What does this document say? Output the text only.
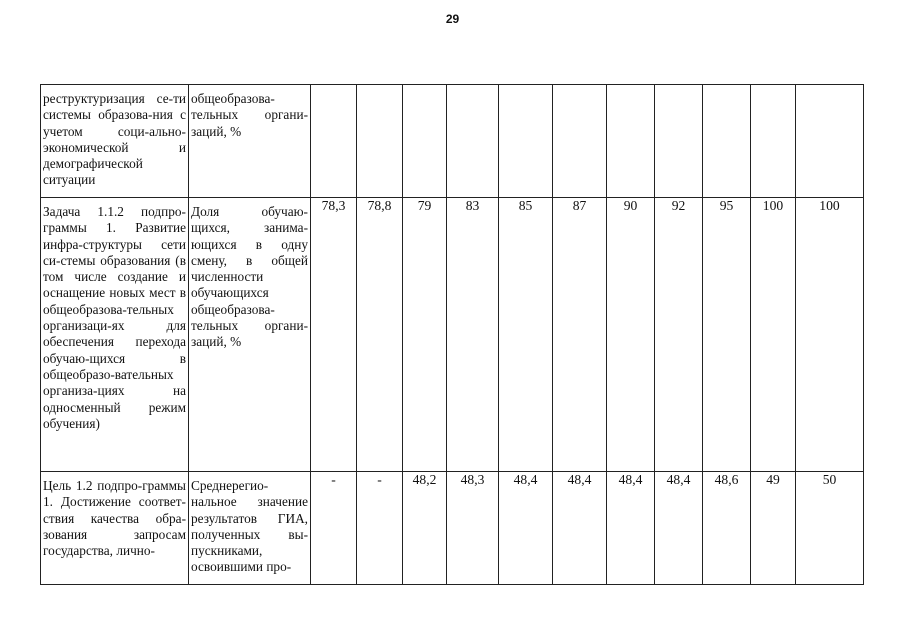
29
реструктуризация се-ти системы образова-ния с учетом соци-ально-экономической и демографической ситуации	общеобразова-тельных органи-заций, %											
Задача 1.1.2 подпро-граммы 1. Развитие инфра-структуры сети си-стемы образования (в том числе создание и оснащение новых мест в общеобразова-тельных организаци-ях для обеспечения перехода обучаю-щихся в общеобразо-вательных организа-циях на односменный режим обучения)	Доля обучаю-щихся, занима-ющихся в одну смену, в общей численности обучающихся общеобразова-тельных органи-заций, %	78,3	78,8	79	83	85	87	90	92	95	100	100
Цель 1.2 подпро-граммы 1. Достижение соответ-ствия качества обра-зования запросам государства, лично-	Среднерегио-нальное значение результатов ГИА, полученных вы-пускниками, освоившими про-	-	-	48,2	48,3	48,4	48,4	48,4	48,4	48,6	49	50
